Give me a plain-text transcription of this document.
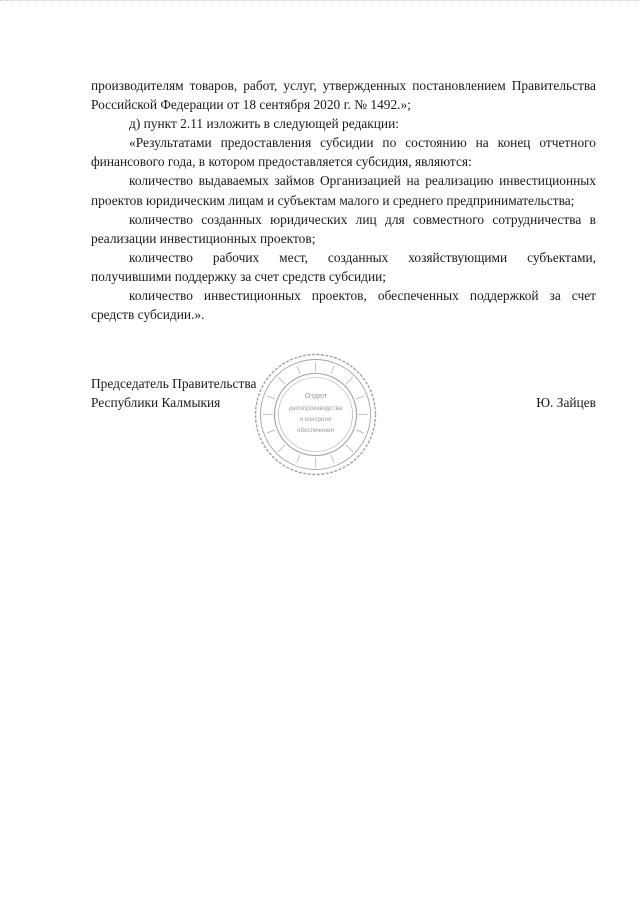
производителям товаров, работ, услуг, утвержденных постановлением Правительства Российской Федерации от 18 сентября 2020 г. № 1492.»;

д) пункт 2.11 изложить в следующей редакции:

«Результатами предоставления субсидии по состоянию на конец отчетного финансового года, в котором предоставляется субсидия, являются:

количество выдаваемых займов Организацией на реализацию инвестиционных проектов юридическим лицам и субъектам малого и среднего предпринимательства;

количество созданных юридических лиц для совместного сотрудничества в реализации инвестиционных проектов;

количество рабочих мест, созданных хозяйствующими субъектами, получившими поддержку за счет средств субсидии;

количество инвестиционных проектов, обеспеченных поддержкой за счет средств субсидии.».

Председатель Правительства
Республики Калмыкия	Ю. Зайцев
Отдел
делопроизводства
и контроля
обеспечения
